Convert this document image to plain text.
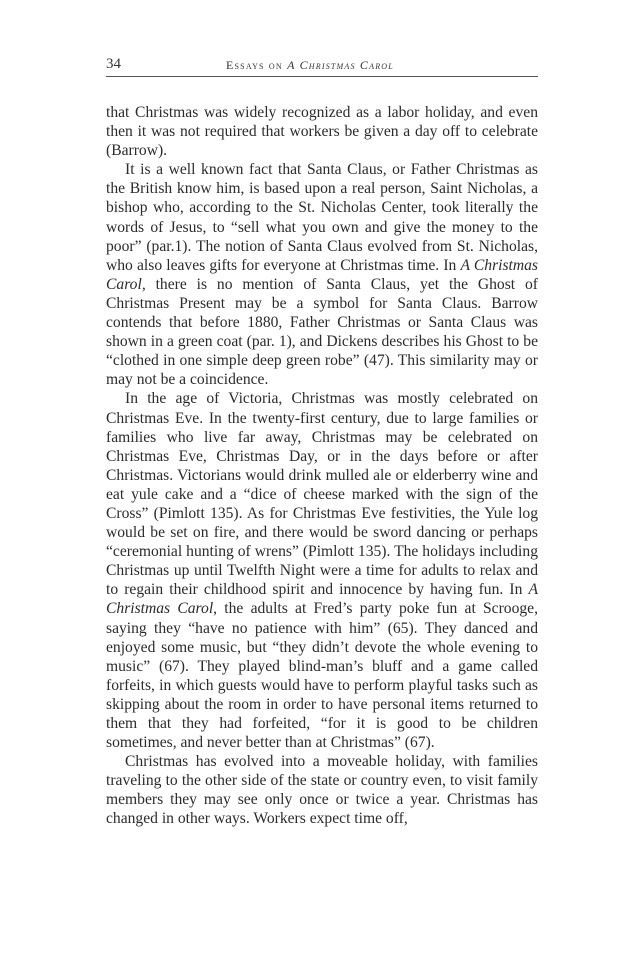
34	Essays on A Christmas Carol

that Christmas was widely recognized as a labor holiday, and even then it was not required that workers be given a day off to celebrate (Barrow).

It is a well known fact that Santa Claus, or Father Christmas as the British know him, is based upon a real person, Saint Nicholas, a bishop who, according to the St. Nicholas Center, took literally the words of Jesus, to “sell what you own and give the money to the poor” (par.1). The notion of Santa Claus evolved from St. Nicholas, who also leaves gifts for everyone at Christmas time. In A Christmas Carol, there is no mention of Santa Claus, yet the Ghost of Christmas Present may be a symbol for Santa Claus. Barrow contends that before 1880, Father Christmas or Santa Claus was shown in a green coat (par. 1), and Dickens describes his Ghost to be “clothed in one simple deep green robe” (47). This similarity may or may not be a coincidence.

In the age of Victoria, Christmas was mostly celebrated on Christmas Eve. In the twenty-first century, due to large families or families who live far away, Christmas may be celebrated on Christmas Eve, Christmas Day, or in the days before or after Christmas. Victorians would drink mulled ale or elderberry wine and eat yule cake and a “dice of cheese marked with the sign of the Cross” (Pimlott 135). As for Christmas Eve festivities, the Yule log would be set on fire, and there would be sword dancing or perhaps “ceremonial hunting of wrens” (Pimlott 135). The holidays including Christmas up until Twelfth Night were a time for adults to relax and to regain their childhood spirit and innocence by having fun. In A Christmas Carol, the adults at Fred’s party poke fun at Scrooge, saying they “have no patience with him” (65). They danced and enjoyed some music, but “they didn’t devote the whole evening to music” (67). They played blind-man’s bluff and a game called forfeits, in which guests would have to perform playful tasks such as skipping about the room in order to have personal items returned to them that they had forfeited, “for it is good to be children sometimes, and never better than at Christmas” (67).

Christmas has evolved into a moveable holiday, with families traveling to the other side of the state or country even, to visit family members they may see only once or twice a year. Christmas has changed in other ways. Workers expect time off,
